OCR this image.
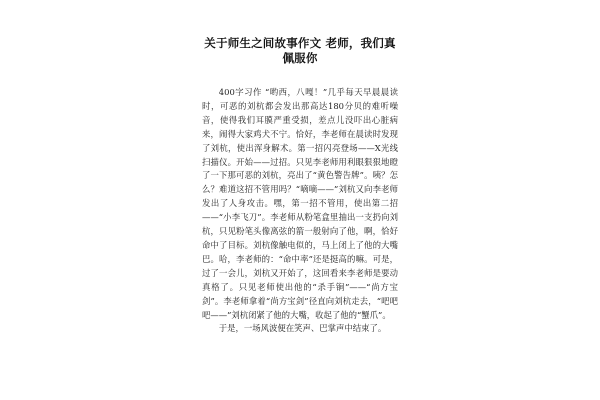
关于师生之间故事作文 老师，我们真佩服你

400字习作 “哟西，八嘎！”几乎每天早晨晨读时，可恶的刘杭都会发出那高达180分贝的难听噪音，使得我们耳膜严重受损，差点儿没吓出心脏病来，闹得大家鸡犬不宁。恰好，李老师在晨读时发现了刘杭，使出浑身解术。第一招闪亮登场——X光线扫描仪。开始——过招。只见李老师用利眼狠狠地瞪了一下那可恶的刘杭，亮出了“黄色警告牌”。咦？怎么？难道这招不管用吗？“嘀嘀——”刘杭又向李老师发出了人身攻击。嘿，第一招不管用，使出第二招——“小李飞刀”。李老师从粉笔盒里抽出一支扔向刘杭，只见粉笔头像离弦的箭一般射向了他，啊，恰好命中了目标。刘杭像触电似的，马上闭上了他的大嘴巴。哈，李老师的：“命中率”还是挺高的嘛。可是，过了一会儿，刘杭又开始了，这回看来李老师是要动真格了。只见老师使出他的“杀手锏”——“尚方宝剑”。李老师拿着“尚方宝剑”径直向刘杭走去，“吧吧吧——”刘杭闭紧了他的大嘴，收起了他的“蟹爪”。

于是，一场风波便在笑声、巴掌声中结束了。
